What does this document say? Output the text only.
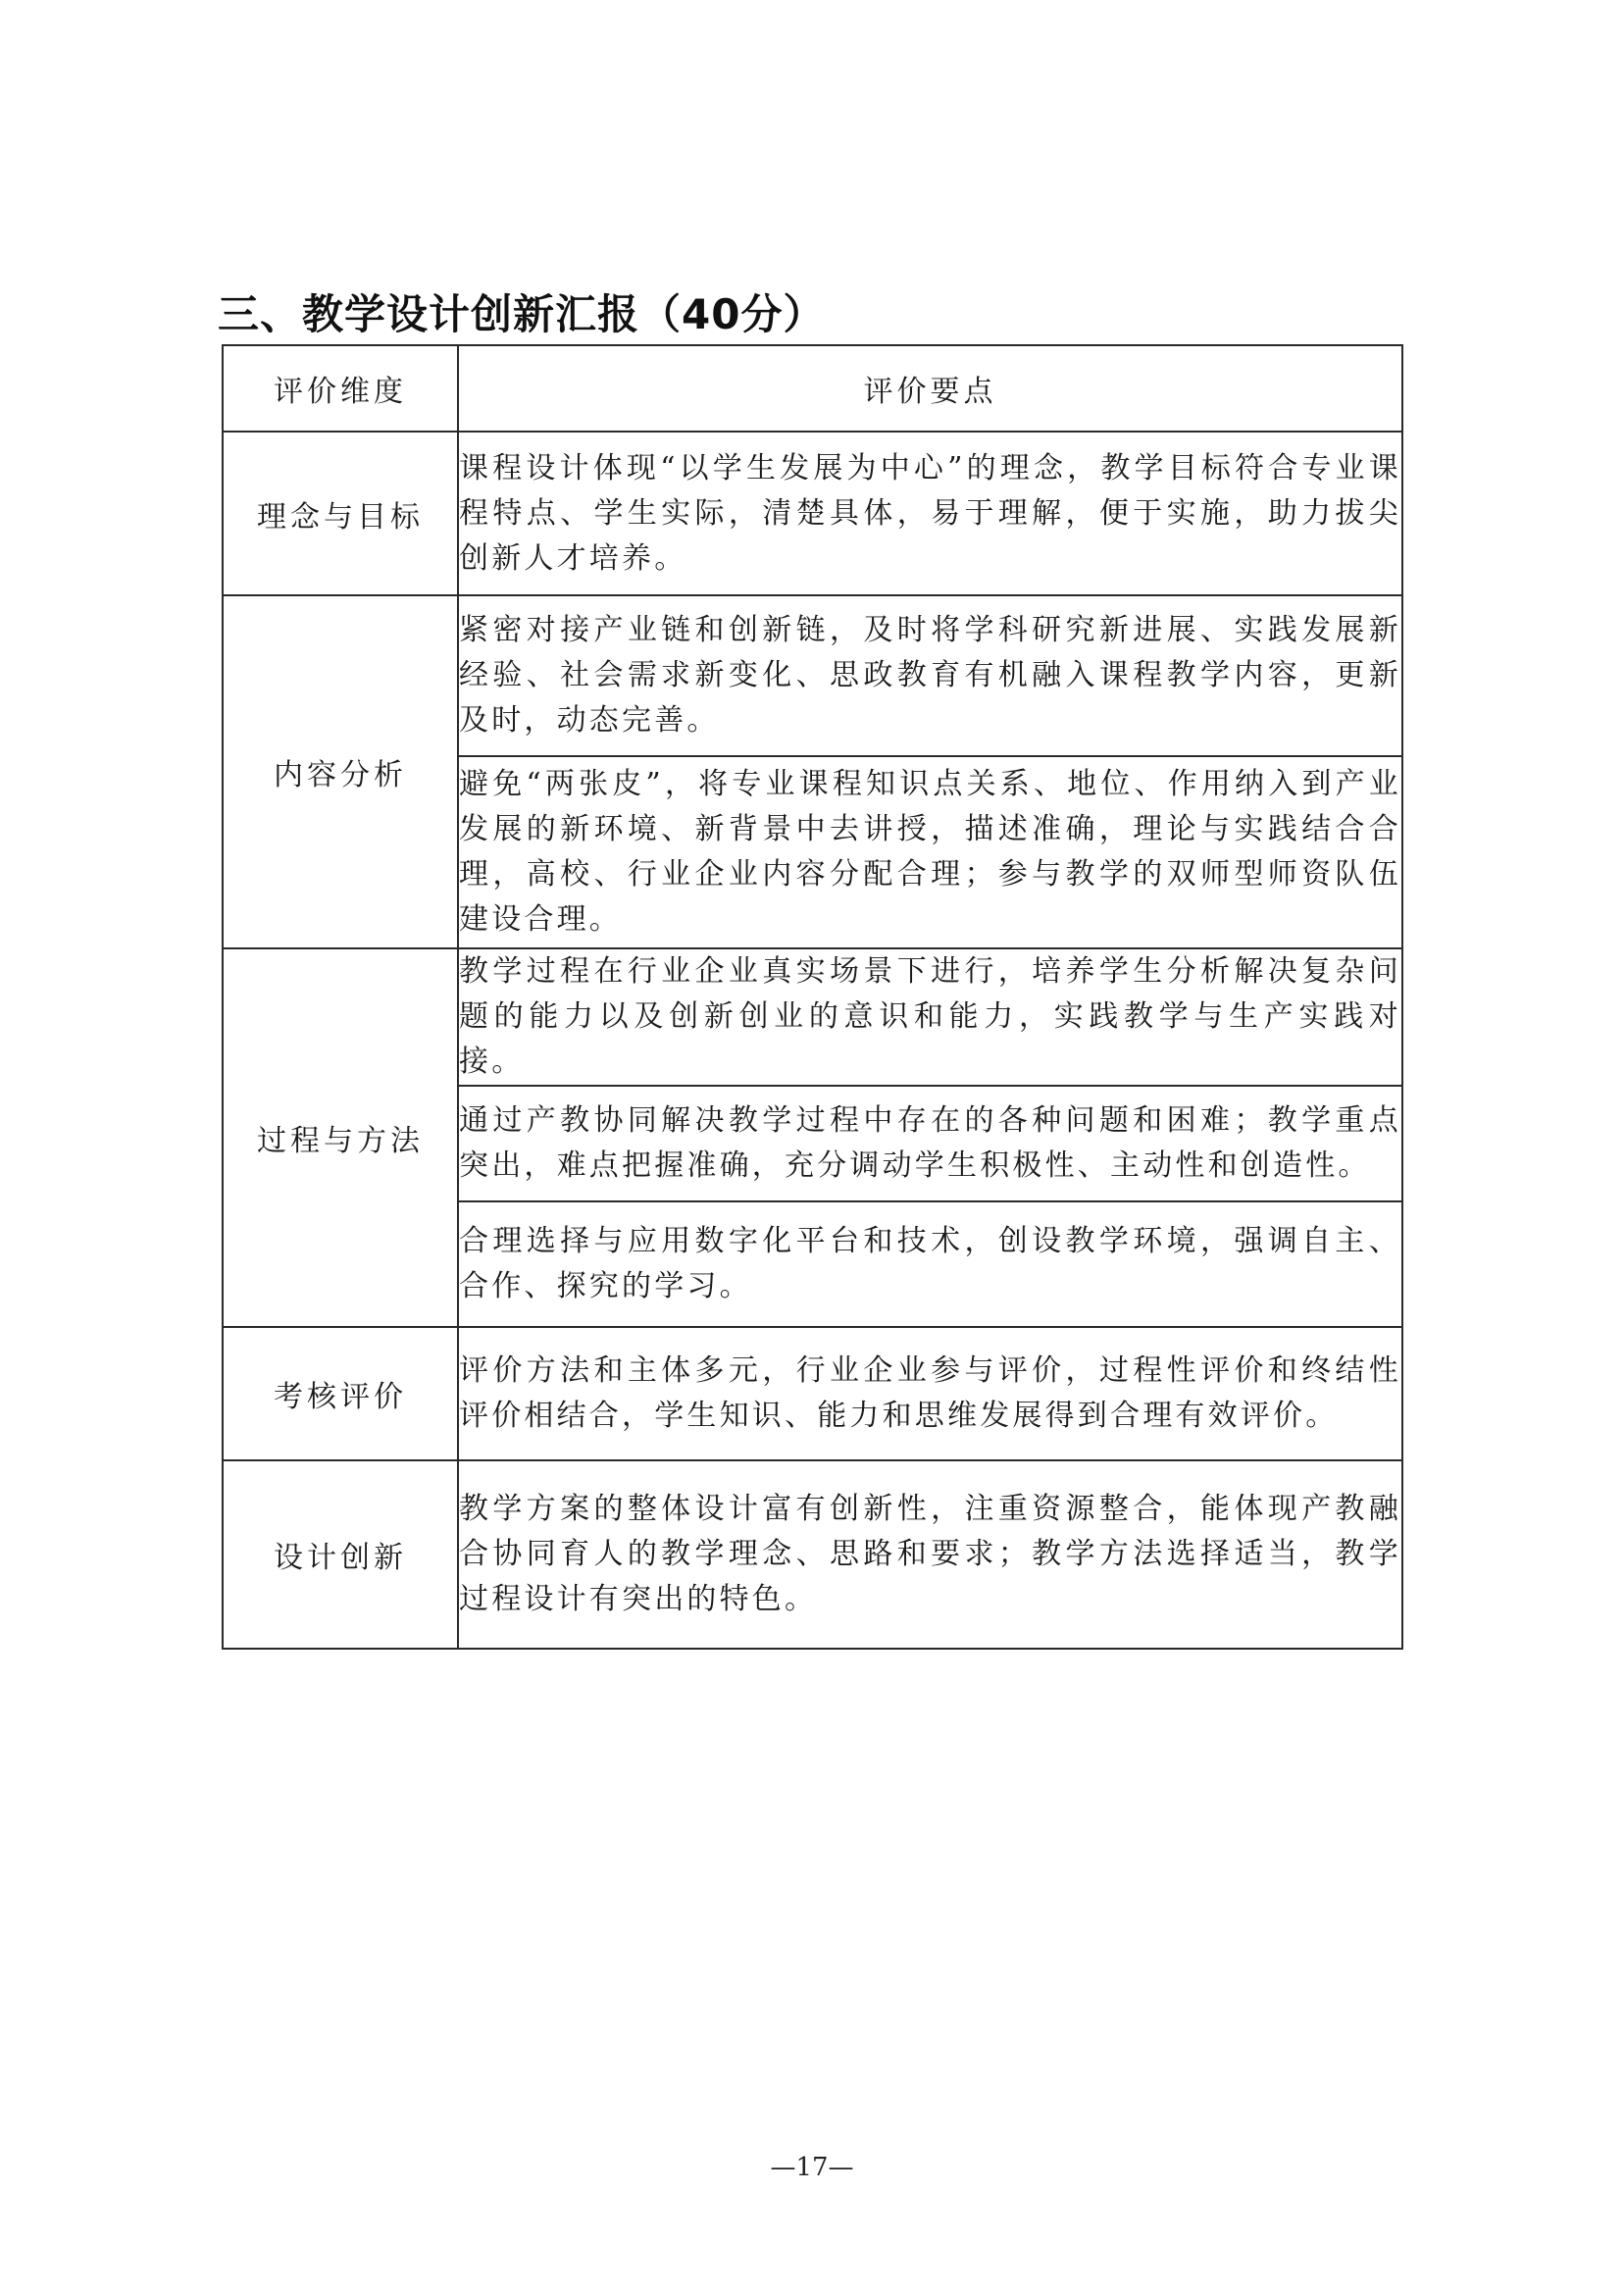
三、教学设计创新汇报（40分）
评价维度	评价要点
理念与目标	课程设计体现“以学生发展为中心”的理念，教学目标符合专业课程特点、学生实际，清楚具体，易于理解，便于实施，助力拔尖创新人才培养。
内容分析	紧密对接产业链和创新链，及时将学科研究新进展、实践发展新经验、社会需求新变化、思政教育有机融入课程教学内容，更新及时，动态完善。
	避免“两张皮”，将专业课程知识点关系、地位、作用纳入到产业发展的新环境、新背景中去讲授，描述准确，理论与实践结合合理，高校、行业企业内容分配合理；参与教学的双师型师资队伍建设合理。
过程与方法	教学过程在行业企业真实场景下进行，培养学生分析解决复杂问题的能力以及创新创业的意识和能力，实践教学与生产实践对接。
	通过产教协同解决教学过程中存在的各种问题和困难；教学重点突出，难点把握准确，充分调动学生积极性、主动性和创造性。
	合理选择与应用数字化平台和技术，创设教学环境，强调自主、合作、探究的学习。
考核评价	评价方法和主体多元，行业企业参与评价，过程性评价和终结性评价相结合，学生知识、能力和思维发展得到合理有效评价。
设计创新	教学方案的整体设计富有创新性，注重资源整合，能体现产教融合协同育人的教学理念、思路和要求；教学方法选择适当，教学过程设计有突出的特色。
—17—
